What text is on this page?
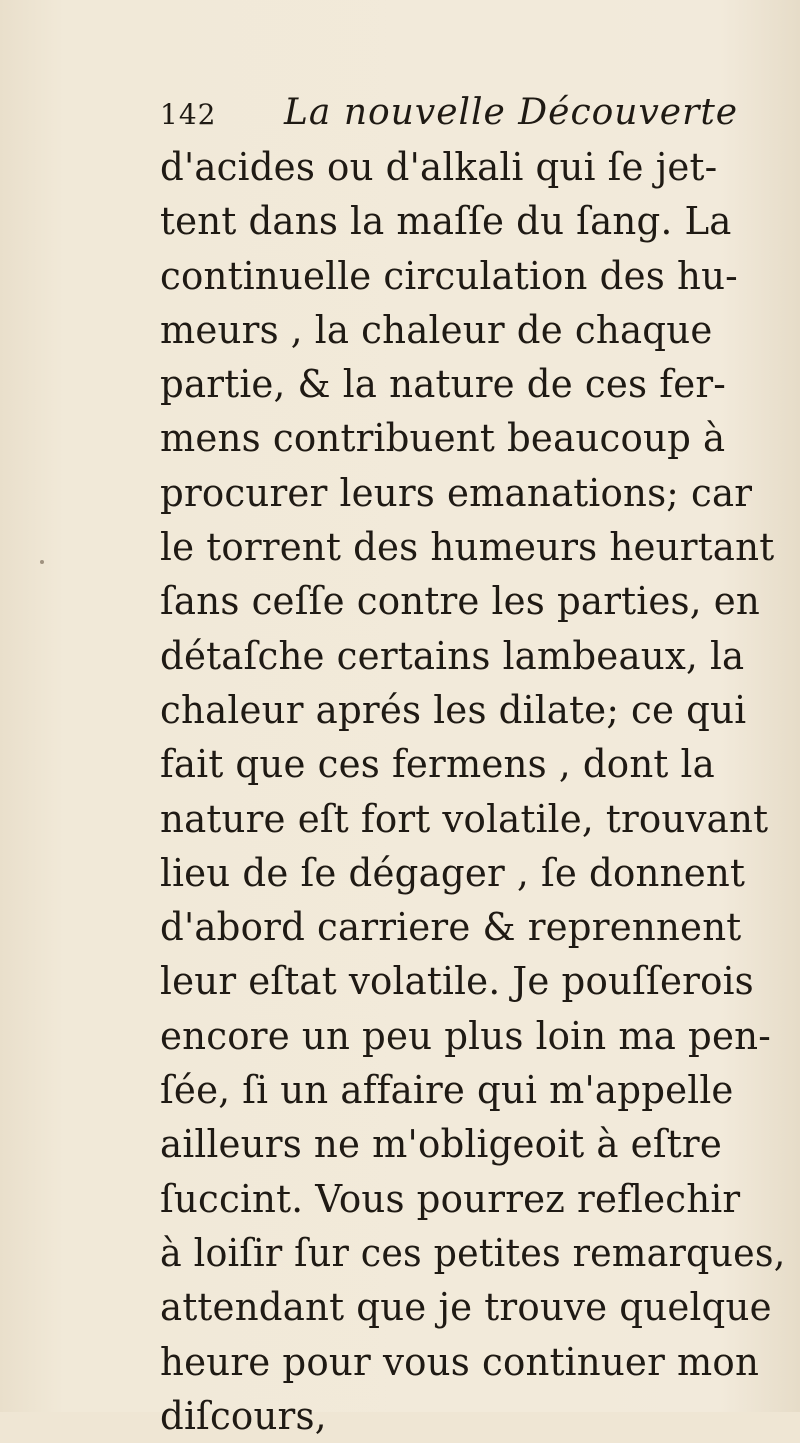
142 La nouvelle Découverte
d'acides ou d'alkali qui ſe jet-
tent dans la maſſe du ſang. La
continuelle circulation des hu-
meurs , la chaleur de chaque
partie, & la nature de ces fer-
mens contribuent beaucoup à
procurer leurs emanations; car
le torrent des humeurs heurtant
ſans ceſſe contre les parties, en
détaſche certains lambeaux, la
chaleur aprés les dilate; ce qui
fait que ces fermens , dont la
nature eſt fort volatile, trouvant
lieu de ſe dégager , ſe donnent
d'abord carriere & reprennent
leur eſtat volatile. Je pouſſerois
encore un peu plus loin ma pen-
ſée, ſi un affaire qui m'appelle
ailleurs ne m'obligeoit à eſtre
ſuccint. Vous pourrez reflechir
à loiſir ſur ces petites remarques,
attendant que je trouve quelque
heure pour vous continuer mon
diſcours,
